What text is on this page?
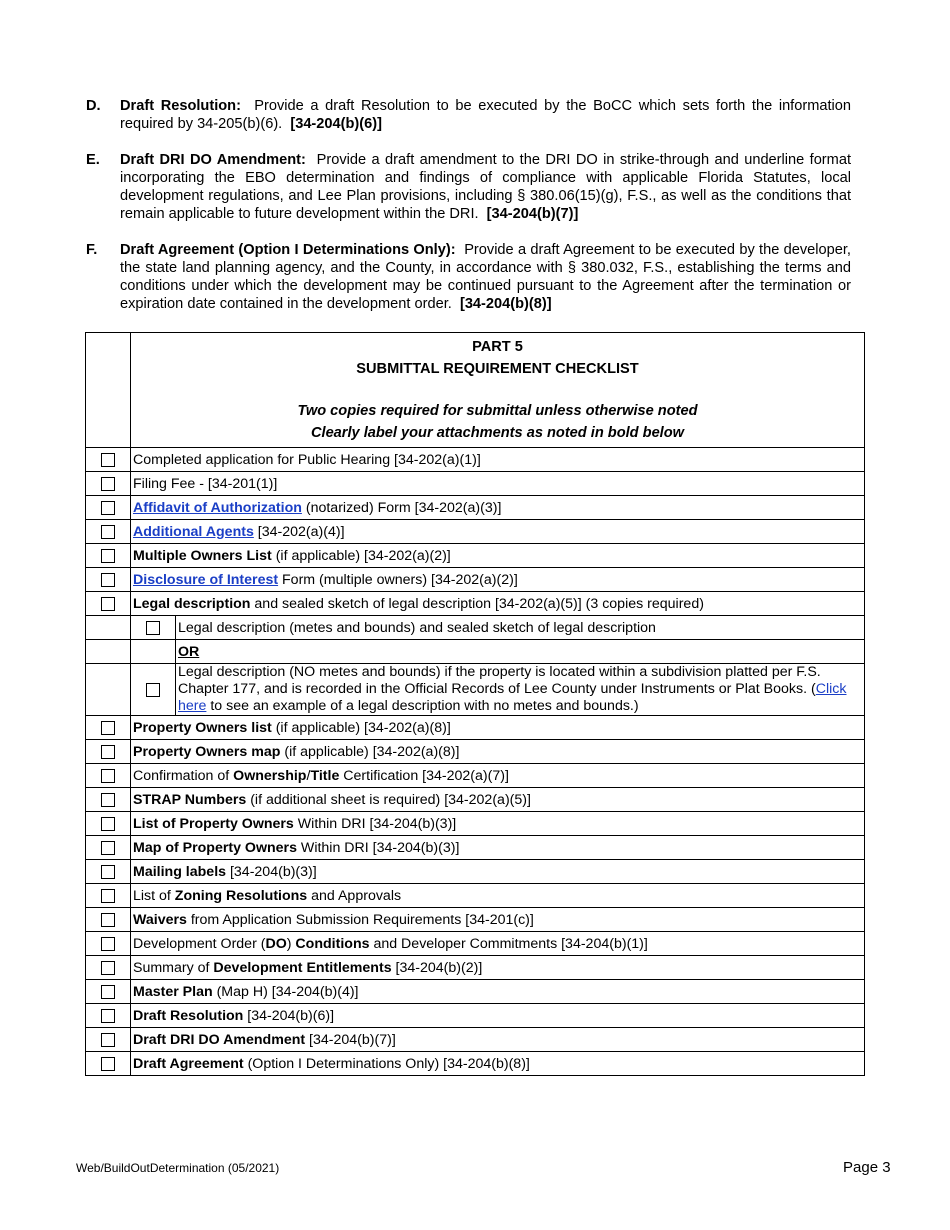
D.	Draft Resolution: Provide a draft Resolution to be executed by the BoCC which sets forth the information required by 34-205(b)(6). [34-204(b)(6)]
E.	Draft DRI DO Amendment: Provide a draft amendment to the DRI DO in strike-through and underline format incorporating the EBO determination and findings of compliance with applicable Florida Statutes, local development regulations, and Lee Plan provisions, including § 380.06(15)(g), F.S., as well as the conditions that remain applicable to future development within the DRI. [34-204(b)(7)]
F.	Draft Agreement (Option I Determinations Only): Provide a draft Agreement to be executed by the developer, the state land planning agency, and the County, in accordance with § 380.032, F.S., establishing the terms and conditions under which the development may be continued pursuant to the Agreement after the termination or expiration date contained in the development order. [34-204(b)(8)]

	PART 5
SUBMITTAL REQUIREMENT CHECKLIST
Two copies required for submittal unless otherwise noted
Clearly label your attachments as noted in bold below	

	Completed application for Public Hearing [34-202(a)(1)]	
	Filing Fee - [34-201(1)]	
	Affidavit of Authorization (notarized) Form [34-202(a)(3)]	
	Additional Agents [34-202(a)(4)]	
	Multiple Owners List (if applicable) [34-202(a)(2)]	
	Disclosure of Interest Form (multiple owners) [34-202(a)(2)]	
	Legal description and sealed sketch of legal description [34-202(a)(5)] (3 copies required)	
		Legal description (metes and bounds) and sealed sketch of legal description
		OR
		Legal description (NO metes and bounds) if the property is located within a subdivision platted per F.S. Chapter 177, and is recorded in the Official Records of Lee County under Instruments or Plat Books. (Click here to see an example of a legal description with no metes and bounds.)
	Property Owners list (if applicable) [34-202(a)(8)]	
	Property Owners map (if applicable) [34-202(a)(8)]	
	Confirmation of Ownership/Title Certification [34-202(a)(7)]	
	STRAP Numbers (if additional sheet is required) [34-202(a)(5)]	
	List of Property Owners Within DRI [34-204(b)(3)]	
	Map of Property Owners Within DRI [34-204(b)(3)]	
	Mailing labels [34-204(b)(3)]	
	List of Zoning Resolutions and Approvals	
	Waivers from Application Submission Requirements [34-201(c)]	
	Development Order (DO) Conditions and Developer Commitments [34-204(b)(1)]	
	Summary of Development Entitlements [34-204(b)(2)]	
	Master Plan (Map H) [34-204(b)(4)]	
	Draft Resolution [34-204(b)(6)]	
	Draft DRI DO Amendment [34-204(b)(7)]	
	Draft Agreement (Option I Determinations Only) [34-204(b)(8)]	
Web/BuildOutDetermination (05/2021)	Page 3
